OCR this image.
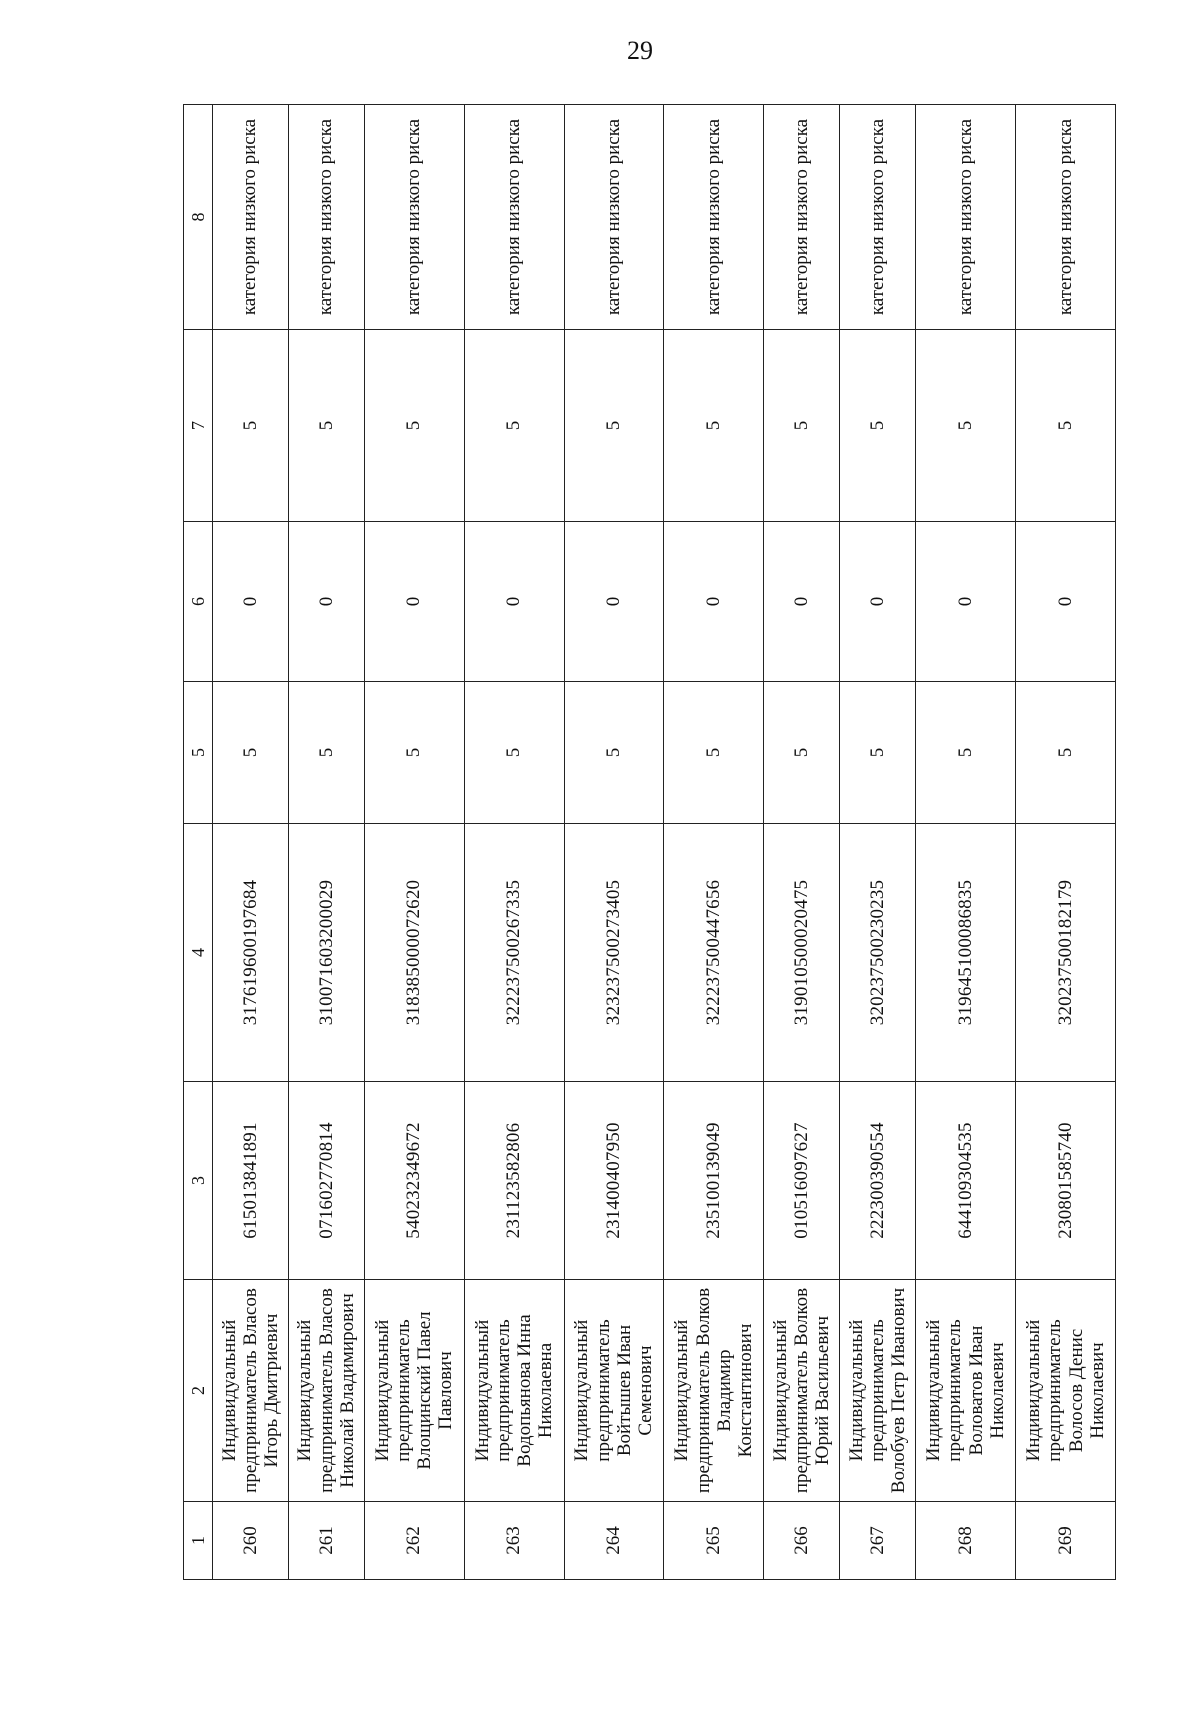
29
1	2	3	4	5	6	7	8
260	Индивидуальный предприниматель Власов Игорь Дмитриевич	615013841891	317619600197684	5	0	5	категория низкого риска
261	Индивидуальный предприниматель Власов Николай Владимирович	071602770814	310071603200029	5	0	5	категория низкого риска
262	Индивидуальный предприниматель Влощинский Павел Павлович	540232349672	318385000072620	5	0	5	категория низкого риска
263	Индивидуальный предприниматель Водопьянова Инна Николаевна	231123582806	322237500267335	5	0	5	категория низкого риска
264	Индивидуальный предприниматель Войтышев Иван Семенович	231400407950	323237500273405	5	0	5	категория низкого риска
265	Индивидуальный предприниматель Волков Владимир Константинович	235100139049	322237500447656	5	0	5	категория низкого риска
266	Индивидуальный предприниматель Волков Юрий Васильевич	010516097627	319010500020475	5	0	5	категория низкого риска
267	Индивидуальный предприниматель Волобуев Петр Иванович	222300390554	320237500230235	5	0	5	категория низкого риска
268	Индивидуальный предприниматель Воловатов Иван Николаевич	644109304535	319645100086835	5	0	5	категория низкого риска
269	Индивидуальный предприниматель Волосов Денис Николаевич	230801585740	320237500182179	5	0	5	категория низкого риска
